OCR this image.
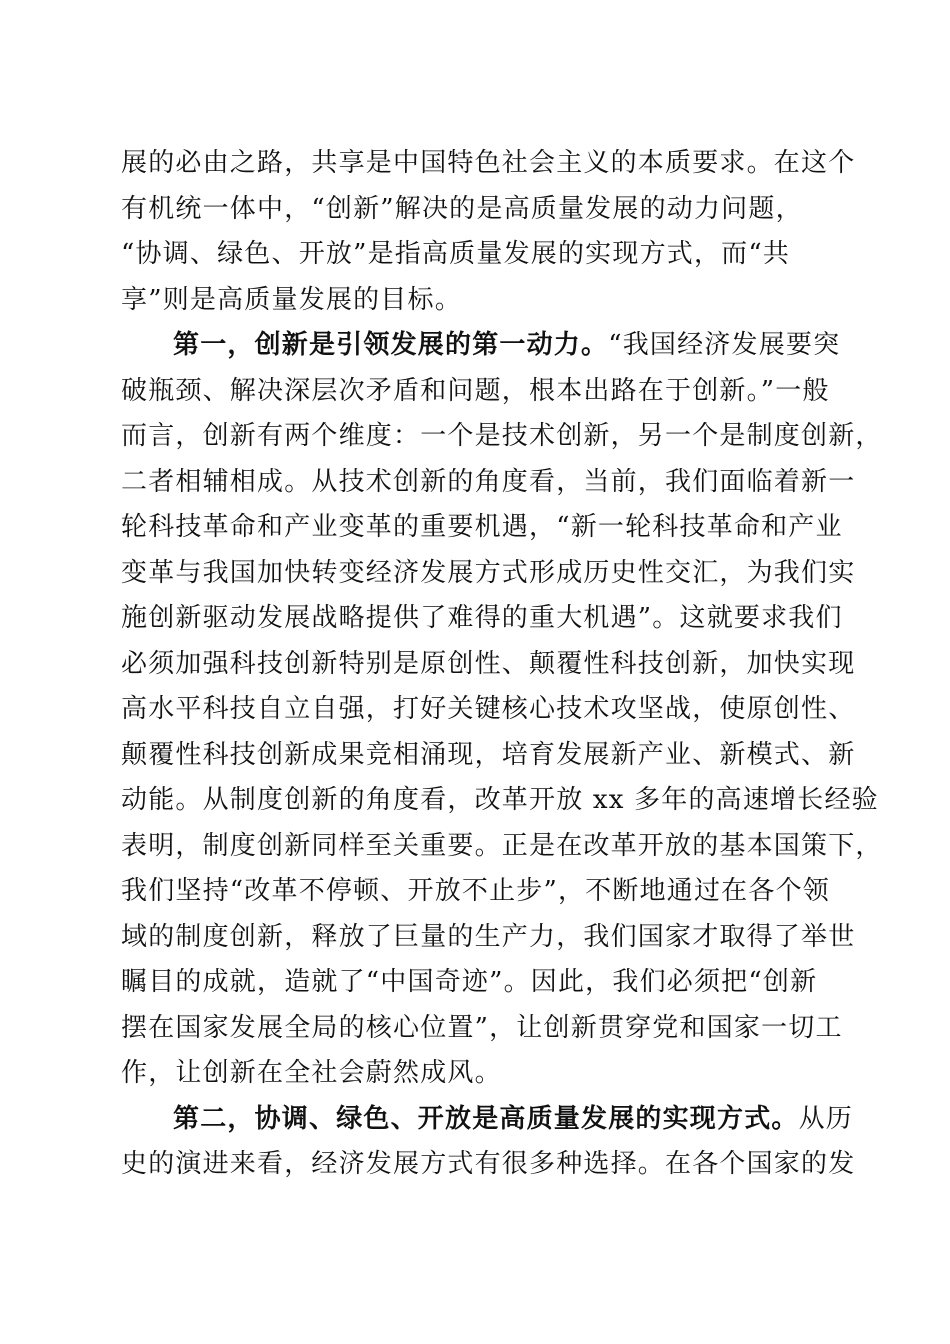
展的必由之路，共享是中国特色社会主义的本质要求。在这个
有机统一体中，“创新”解决的是高质量发展的动力问题，
“协调、绿色、开放”是指高质量发展的实现方式，而“共
享”则是高质量发展的目标。
第一，创新是引领发展的第一动力。“我国经济发展要突
破瓶颈、解决深层次矛盾和问题，根本出路在于创新。”一般
而言，创新有两个维度：一个是技术创新，另一个是制度创新，
二者相辅相成。从技术创新的角度看，当前，我们面临着新一
轮科技革命和产业变革的重要机遇，“新一轮科技革命和产业
变革与我国加快转变经济发展方式形成历史性交汇，为我们实
施创新驱动发展战略提供了难得的重大机遇”。这就要求我们
必须加强科技创新特别是原创性、颠覆性科技创新，加快实现
高水平科技自立自强，打好关键核心技术攻坚战，使原创性、
颠覆性科技创新成果竞相涌现，培育发展新产业、新模式、新
动能。从制度创新的角度看，改革开放 xx 多年的高速增长经验
表明，制度创新同样至关重要。正是在改革开放的基本国策下，
我们坚持“改革不停顿、开放不止步”，不断地通过在各个领
域的制度创新，释放了巨量的生产力，我们国家才取得了举世
瞩目的成就，造就了“中国奇迹”。因此，我们必须把“创新
摆在国家发展全局的核心位置”，让创新贯穿党和国家一切工
作，让创新在全社会蔚然成风。
第二，协调、绿色、开放是高质量发展的实现方式。从历
史的演进来看，经济发展方式有很多种选择。在各个国家的发
